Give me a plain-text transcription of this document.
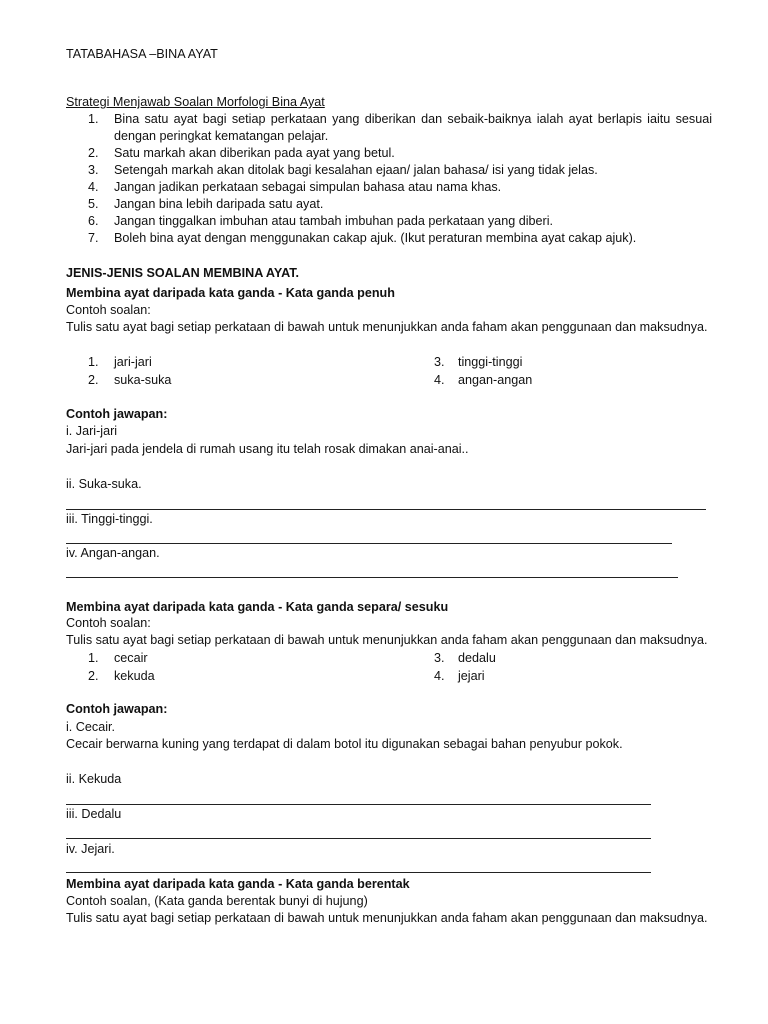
TATABAHASA –BINA AYAT
Strategi Menjawab Soalan Morfologi Bina Ayat
1.	Bina satu ayat bagi setiap perkataan yang diberikan dan sebaik-baiknya ialah ayat berlapis iaitu sesuai dengan peringkat kematangan pelajar.
2.	Satu markah akan diberikan pada ayat yang betul.
3.	Setengah markah akan ditolak bagi kesalahan ejaan/ jalan bahasa/ isi yang tidak jelas.
4.	Jangan jadikan perkataan sebagai simpulan bahasa atau nama khas.
5.	Jangan bina lebih daripada satu ayat.
6.	Jangan tinggalkan imbuhan atau tambah imbuhan pada perkataan yang diberi.
7.	Boleh bina ayat dengan menggunakan cakap ajuk. (Ikut peraturan membina ayat cakap ajuk).
JENIS-JENIS SOALAN MEMBINA AYAT.
Membina ayat daripada kata ganda - Kata ganda penuh
Contoh soalan:
Tulis satu ayat bagi setiap perkataan di bawah untuk menunjukkan anda faham akan penggunaan dan maksudnya.
1.	jari-jari	3.	tinggi-tinggi
2.	suka-suka	4.	angan-angan
Contoh jawapan:
i. Jari-jari
Jari-jari pada jendela di rumah usang itu telah rosak dimakan anai-anai..
ii. Suka-suka.
iii. Tinggi-tinggi.
iv. Angan-angan.
Membina ayat daripada kata ganda - Kata ganda separa/ sesuku
Contoh soalan:
Tulis satu ayat bagi setiap perkataan di bawah untuk menunjukkan anda faham akan penggunaan dan maksudnya.
1.	cecair	3.	dedalu
2.	kekuda	4.	jejari
Contoh jawapan:
i. Cecair.
Cecair berwarna kuning yang terdapat di dalam botol itu digunakan sebagai bahan penyubur pokok.
ii. Kekuda
iii. Dedalu
iv. Jejari.
Membina ayat daripada kata ganda - Kata ganda berentak
Contoh soalan, (Kata ganda berentak bunyi di hujung)
Tulis satu ayat bagi setiap perkataan di bawah untuk menunjukkan anda faham akan penggunaan dan maksudnya.
